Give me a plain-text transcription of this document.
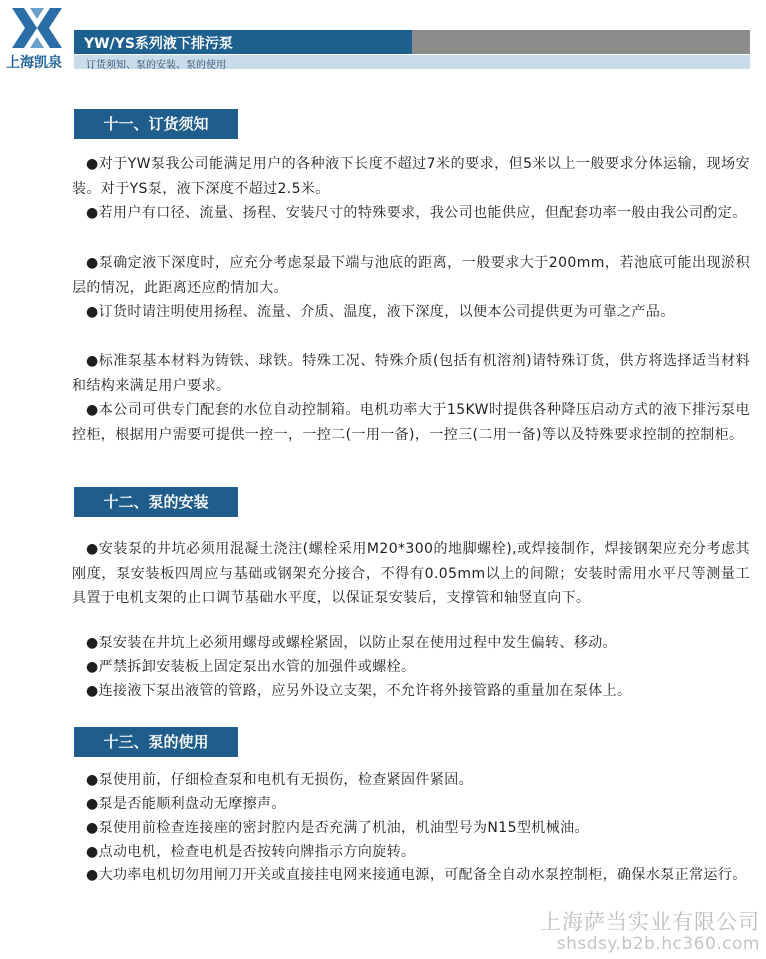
上海凯泉
YW/YS系列液下排污泵
订货须知、泵的安装、泵的使用
十一、订货须知

●对于YW泵我公司能满足用户的各种液下长度不超过7米的要求，但5米以上一般要求分体运输，现场安装。对于YS泵，液下深度不超过2.5米。

●若用户有口径、流量、扬程、安装尺寸的特殊要求，我公司也能供应，但配套功率一般由我公司酌定。

●泵确定液下深度时，应充分考虑泵最下端与池底的距离，一般要求大于200mm，若池底可能出现淤积层的情况，此距离还应酌情加大。

●订货时请注明使用扬程、流量、介质、温度，液下深度，以便本公司提供更为可靠之产品。

●标准泵基本材料为铸铁、球铁。特殊工况、特殊介质(包括有机溶剂)请特殊订货，供方将选择适当材料和结构来满足用户要求。

●本公司可供专门配套的水位自动控制箱。电机功率大于15KW时提供各种降压启动方式的液下排污泵电控柜，根据用户需要可提供一控一，一控二(一用一备)，一控三(二用一备)等以及特殊要求控制的控制柜。

十二、泵的安装

●安装泵的井坑必须用混凝土浇注(螺栓采用M20*300的地脚螺栓),或焊接制作，焊接钢架应充分考虑其刚度，泵安装板四周应与基础或钢架充分接合，不得有0.05mm以上的间隙；安装时需用水平尺等测量工具置于电机支架的止口调节基础水平度，以保证泵安装后，支撑管和轴竖直向下。

●泵安装在井坑上必须用螺母或螺栓紧固，以防止泵在使用过程中发生偏转、移动。

●严禁拆卸安装板上固定泵出水管的加强件或螺栓。

●连接液下泵出液管的管路，应另外设立支架，不允许将外接管路的重量加在泵体上。

十三、泵的使用

●泵使用前，仔细检查泵和电机有无损伤，检查紧固件紧固。

●泵是否能顺利盘动无摩擦声。

●泵使用前检查连接座的密封腔内是否充满了机油，机油型号为N15型机械油。

●点动电机，检查电机是否按转向牌指示方向旋转。

●大功率电机切勿用闸刀开关或直接挂电网来接通电源，可配备全自动水泵控制柜，确保水泵正常运行。

上海萨当实业有限公司
shsdsy.b2b.hc360.com
